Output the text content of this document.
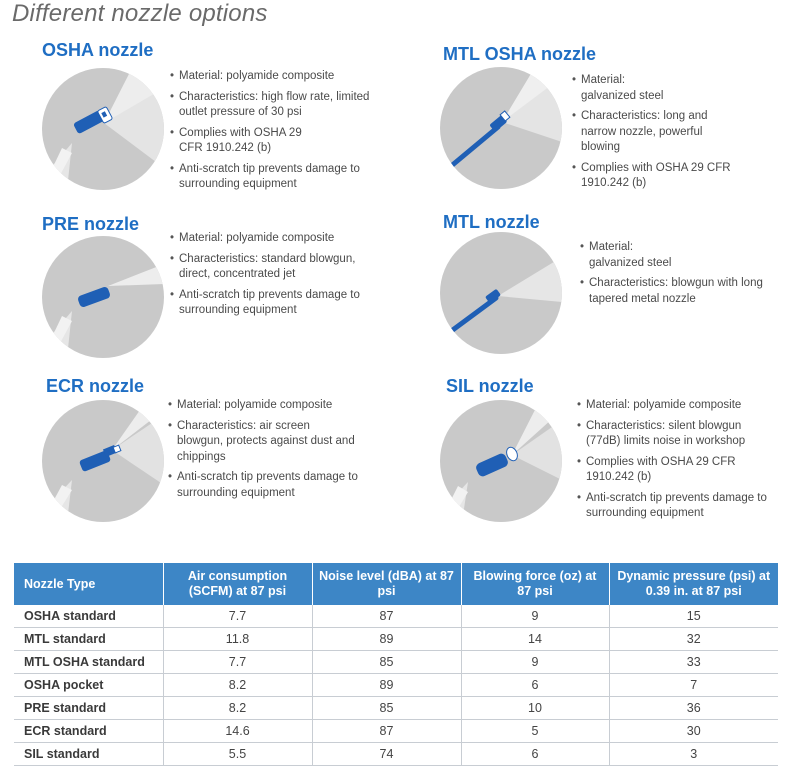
Different nozzle options
OSHA nozzle
• Material: polyamide composite
• Characteristics: high flow rate, limited outlet pressure of 30 psi
• Complies with OSHA 29 CFR 1910.242 (b)
• Anti-scratch tip prevents damage to surrounding equipment
MTL OSHA nozzle
• Material: galvanized steel
• Characteristics: long and narrow nozzle, powerful blowing
• Complies with OSHA 29 CFR 1910.242 (b)
PRE nozzle
• Material: polyamide composite
• Characteristics: standard blowgun, direct, concentrated jet
• Anti-scratch tip prevents damage to surrounding equipment
MTL nozzle
• Material: galvanized steel
• Characteristics: blowgun with long tapered metal nozzle
ECR nozzle
• Material: polyamide composite
• Characteristics: air screen blowgun, protects against dust and chippings
• Anti-scratch tip prevents damage to surrounding equipment
SIL nozzle
• Material: polyamide composite
• Characteristics: silent blowgun (77dB) limits noise in workshop
• Complies with OSHA 29 CFR 1910.242 (b)
• Anti-scratch tip prevents damage to surrounding equipment
Nozzle Type	Air consumption (SCFM) at 87 psi	Noise level (dBA) at 87 psi	Blowing force (oz) at 87 psi	Dynamic pressure (psi) at 0.39 in. at 87 psi
OSHA standard	7.7	87	9	15
MTL standard	11.8	89	14	32
MTL OSHA standard	7.7	85	9	33
OSHA pocket	8.2	89	6	7
PRE standard	8.2	85	10	36
ECR standard	14.6	87	5	30
SIL standard	5.5	74	6	3
